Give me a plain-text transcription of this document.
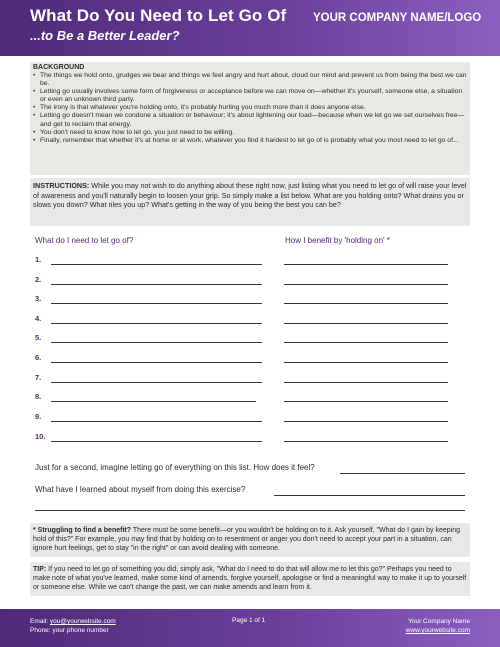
What Do You Need to Let Go Of
...to Be a Better Leader?
YOUR COMPANY NAME/LOGO
BACKGROUND
• The things we hold onto, grudges we bear and things we feel angry and hurt about, cloud our mind and prevent us from being the best we can be.
• Letting go usually involves some form of forgiveness or acceptance before we can move on—whether it's yourself, someone else, a situation or even an unknown third party.
• The irony is that whatever you're holding onto, it's probably hurting you much more than it does anyone else.
• Letting go doesn't mean we condone a situation or behaviour; it's about lightening our load—because when we let go we set ourselves free—and get to reclaim that energy.
• You don't need to know how to let go, you just need to be willing.
• Finally, remember that whether it's at home or at work, whatever you find it hardest to let go of is probably what you most need to let go of...
INSTRUCTIONS: While you may not wish to do anything about these right now, just listing what you need to let go of will raise your level of awareness and you'll naturally begin to loosen your grip. So simply make a list below. What are you holding onto? What drains you or slows you down? What riles you up? What's getting in the way of you being the best you can be?
What do I need to let go of?	How I benefit by 'holding on' *
1.
2.
3.
4.
5.
6.
7.
8.
9.
10.
Just for a second, imagine letting go of everything on this list. How does it feel?
What have I learned about myself from doing this exercise?
* Struggling to find a benefit? There must be some benefit—or you wouldn't be holding on to it. Ask yourself, "What do I gain by keeping hold of this?" For example, you may find that by holding on to resentment or anger you don't need to accept your part in a situation, can ignore hurt feelings, get to stay "in the right" or can avoid dealing with someone.
TIP: If you need to let go of something you did, simply ask, "What do I need to do that will allow me to let this go?" Perhaps you need to make note of what you've learned, make some kind of amends, forgive yourself, apologise or find a meaningful way to make it up to yourself or someone else. While we can't change the past, we can make amends and learn from it.
Email: you@yourwebsite.com
Phone: your phone number
Page 1 of 1	Your Company Name
www.yourwebsite.com
